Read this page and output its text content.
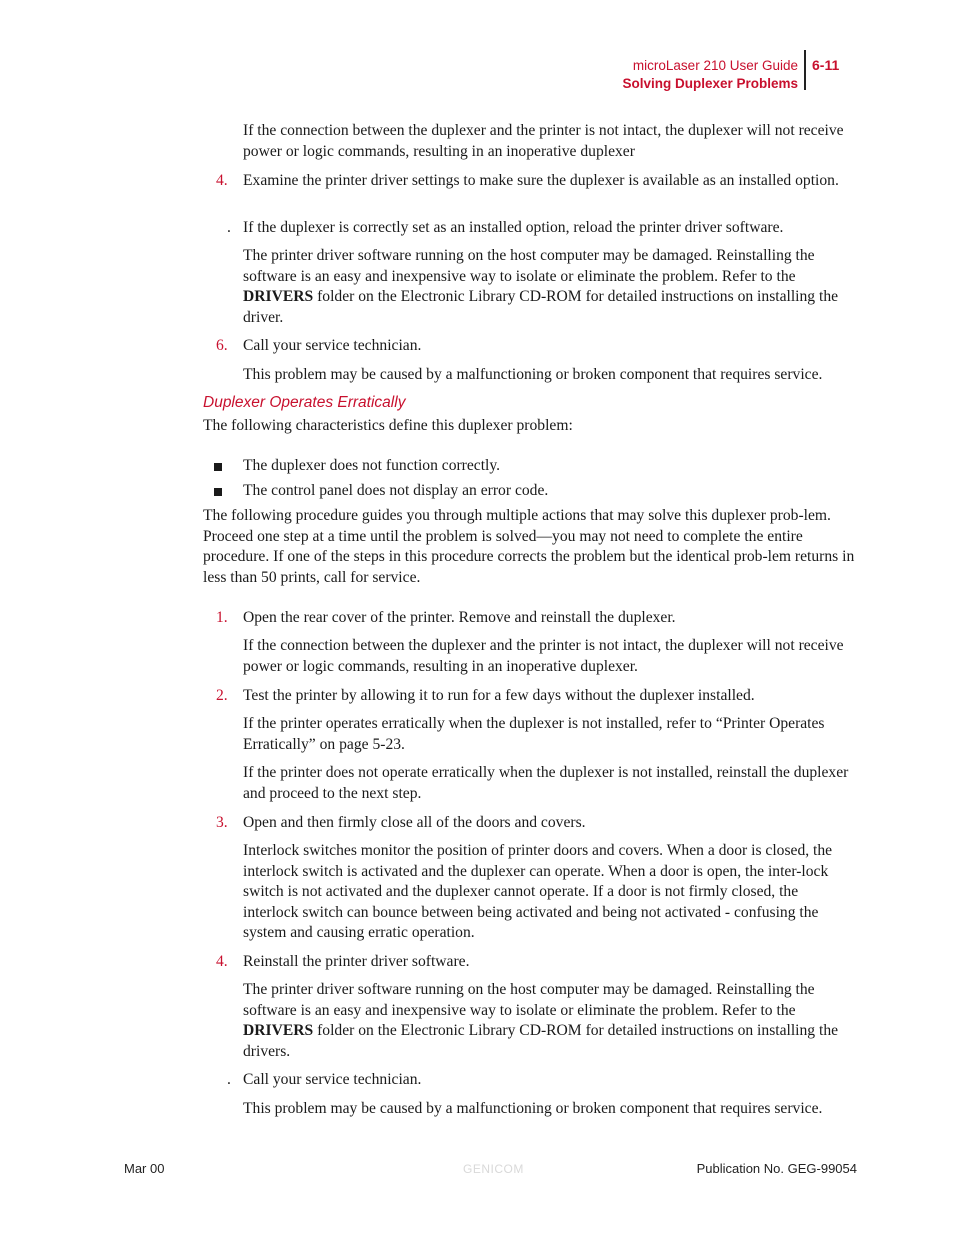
microLaser 210 User Guide
Solving Duplexer Problems
6-11
If the connection between the duplexer and the printer is not intact, the duplexer will not receive power or logic commands, resulting in an inoperative duplexer
4. Examine the printer driver settings to make sure the duplexer is available as an installed option.
. If the duplexer is correctly set as an installed option, reload the printer driver software.
The printer driver software running on the host computer may be damaged. Reinstalling the software is an easy and inexpensive way to isolate or eliminate the problem. Refer to the DRIVERS folder on the Electronic Library CD-ROM for detailed instructions on installing the driver.
6. Call your service technician.
This problem may be caused by a malfunctioning or broken component that requires service.
Duplexer Operates Erratically
The following characteristics define this duplexer problem:
The duplexer does not function correctly.
The control panel does not display an error code.
The following procedure guides you through multiple actions that may solve this duplexer prob-lem. Proceed one step at a time until the problem is solved—you may not need to complete the entire procedure. If one of the steps in this procedure corrects the problem but the identical prob-lem returns in less than 50 prints, call for service.
1. Open the rear cover of the printer. Remove and reinstall the duplexer.
If the connection between the duplexer and the printer is not intact, the duplexer will not receive power or logic commands, resulting in an inoperative duplexer.
2. Test the printer by allowing it to run for a few days without the duplexer installed.
If the printer operates erratically when the duplexer is not installed, refer to “Printer Operates Erratically” on page 5-23.
If the printer does not operate erratically when the duplexer is not installed, reinstall the duplexer and proceed to the next step.
3. Open and then firmly close all of the doors and covers.
Interlock switches monitor the position of printer doors and covers. When a door is closed, the interlock switch is activated and the duplexer can operate. When a door is open, the inter-lock switch is not activated and the duplexer cannot operate. If a door is not firmly closed, the interlock switch can bounce between being activated and being not activated - confusing the system and causing erratic operation.
4. Reinstall the printer driver software.
The printer driver software running on the host computer may be damaged. Reinstalling the software is an easy and inexpensive way to isolate or eliminate the problem. Refer to the DRIVERS folder on the Electronic Library CD-ROM for detailed instructions on installing the drivers.
. Call your service technician.
This problem may be caused by a malfunctioning or broken component that requires service.
Mar 00	GENICOM	Publication No. GEG-99054
